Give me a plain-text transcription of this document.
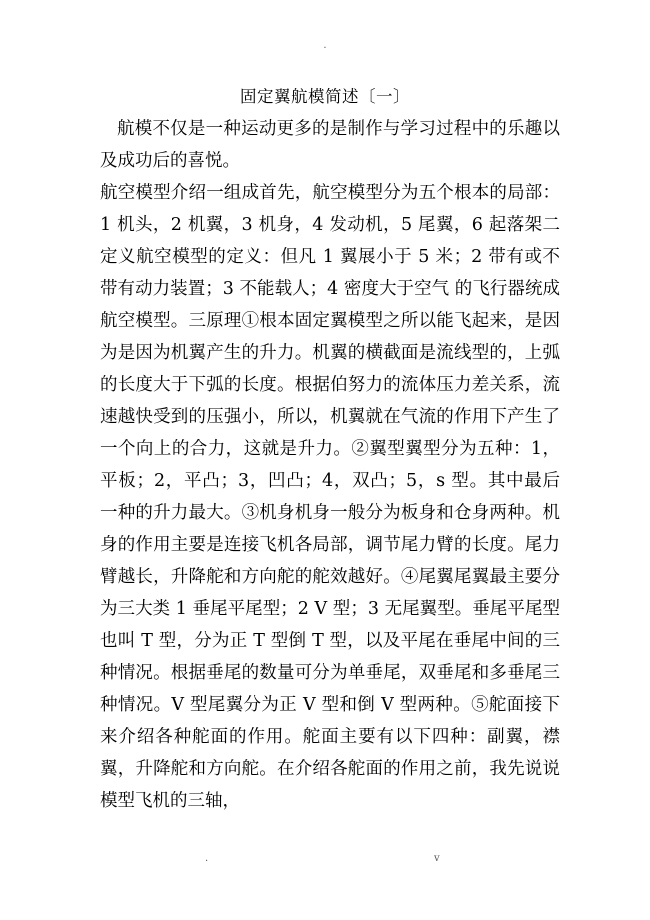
.
固定翼航模简述〔一〕

航模不仅是一种运动更多的是制作与学习过程中的乐趣以及成功后的喜悦。

航空模型介绍一组成首先，航空模型分为五个根本的局部：1 机头，2 机翼，3 机身，4 发动机，5 尾翼，6 起落架二定义航空模型的定义：但凡 1 翼展小于 5 米；2 带有或不带有动力装置；3 不能载人；4 密度大于空气 的飞行器统成航空模型。三原理①根本固定翼模型之所以能飞起来，是因为是因为机翼产生的升力。机翼的横截面是流线型的，上弧的长度大于下弧的长度。根据伯努力的流体压力差关系，流速越快受到的压强小，所以，机翼就在气流的作用下产生了一个向上的合力，这就是升力。②翼型翼型分为五种：1，平板；2，平凸；3，凹凸；4，双凸；5，s 型。其中最后一种的升力最大。③机身机身一般分为板身和仓身两种。机身的作用主要是连接飞机各局部，调节尾力臂的长度。尾力臂越长，升降舵和方向舵的舵效越好。④尾翼尾翼最主要分为三大类 1 垂尾平尾型；2 V 型；3 无尾翼型。垂尾平尾型也叫 T 型，分为正 T 型倒 T 型，以及平尾在垂尾中间的三种情况。根据垂尾的数量可分为单垂尾，双垂尾和多垂尾三种情况。V 型尾翼分为正 V 型和倒 V 型两种。⑤舵面接下来介绍各种舵面的作用。舵面主要有以下四种：副翼，襟翼，升降舵和方向舵。在介绍各舵面的作用之前，我先说说模型飞机的三轴，

.	v
